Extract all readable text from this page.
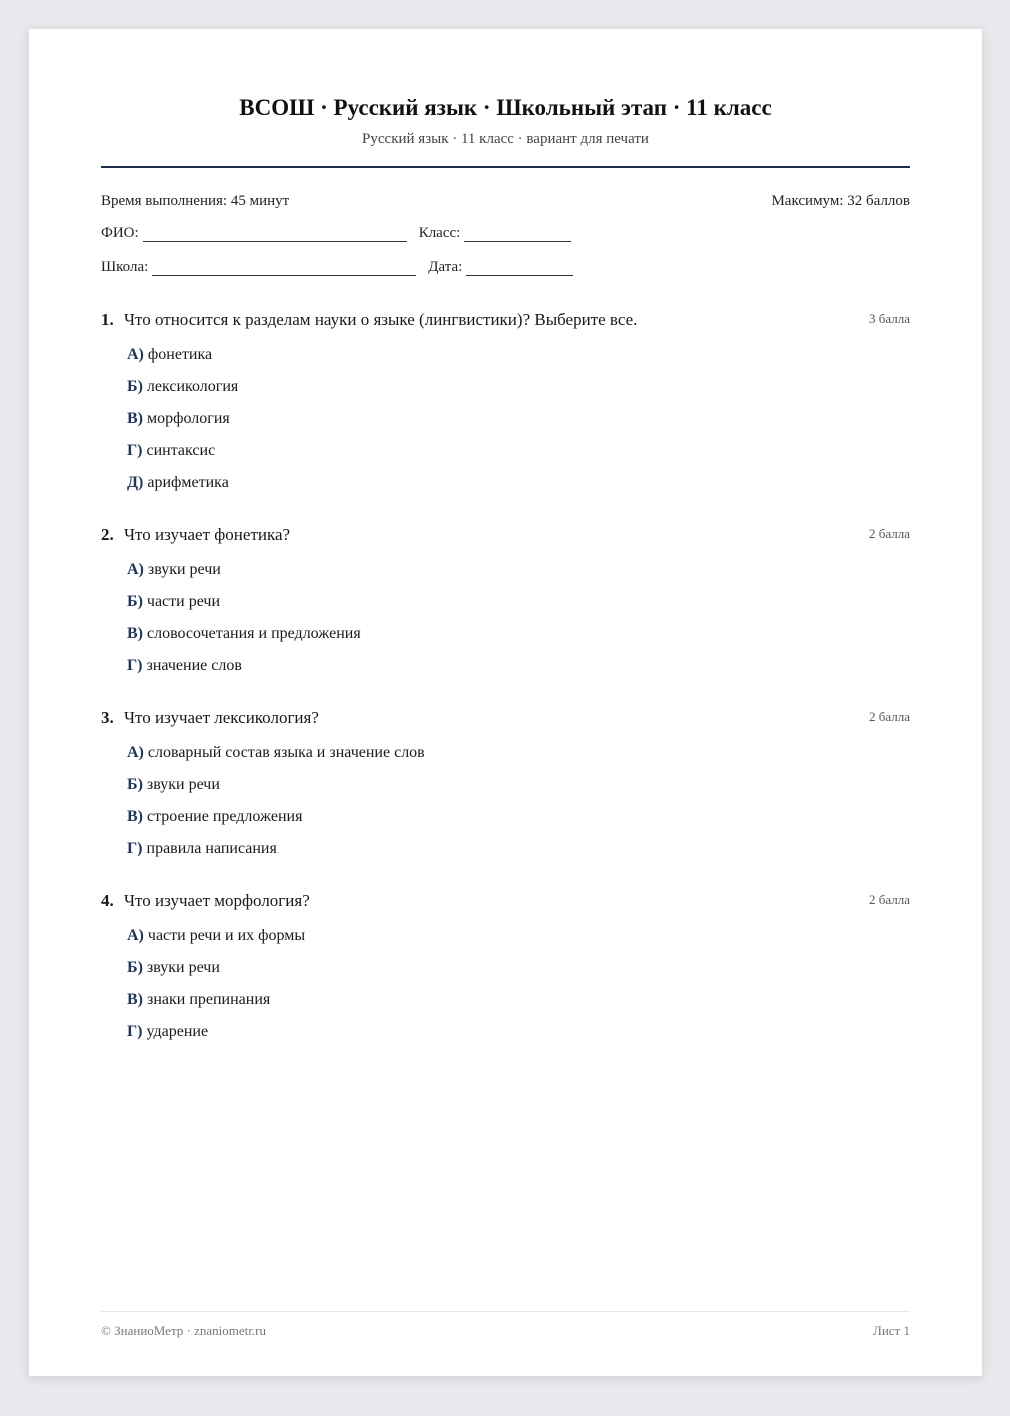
ВСОШ · Русский язык · Школьный этап · 11 класс
Русский язык · 11 класс · вариант для печати
Время выполнения: 45 минут	Максимум: 32 баллов
ФИО:	Класс:
Школа:	Дата:
1. Что относится к разделам науки о языке (лингвистики)? Выберите все.	3 балла
А) фонетика
Б) лексикология
В) морфология
Г) синтаксис
Д) арифметика
2. Что изучает фонетика?	2 балла
А) звуки речи
Б) части речи
В) словосочетания и предложения
Г) значение слов
3. Что изучает лексикология?	2 балла
А) словарный состав языка и значение слов
Б) звуки речи
В) строение предложения
Г) правила написания
4. Что изучает морфология?	2 балла
А) части речи и их формы
Б) звуки речи
В) знаки препинания
Г) ударение
© ЗнаниоМетр · znaniometr.ru	Лист 1
